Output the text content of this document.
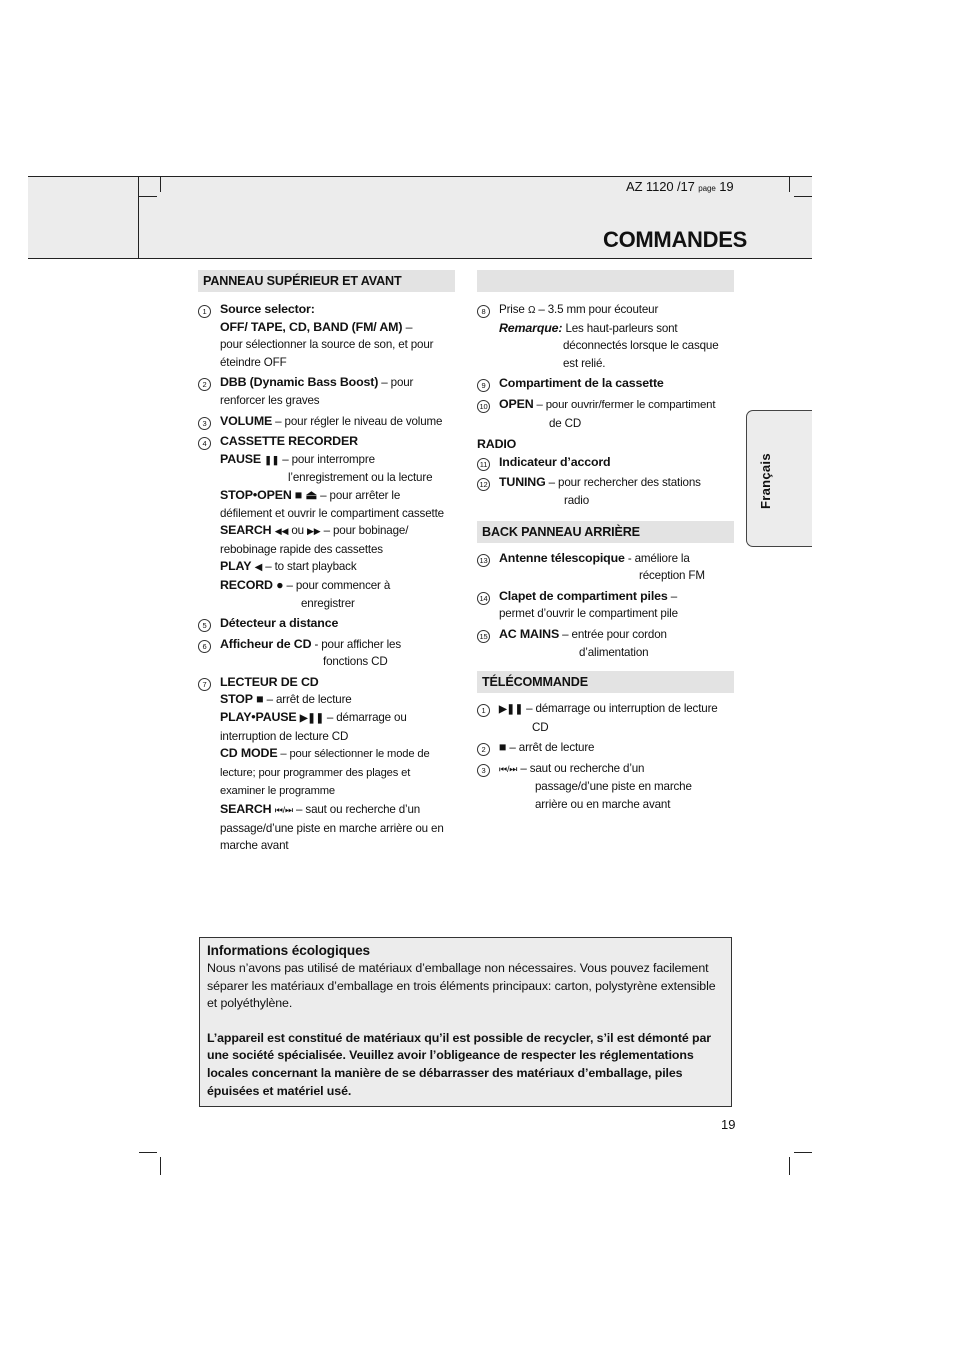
AZ 1120 /17 page 19
COMMANDES
Français
PANNEAU SUPÉRIEUR ET AVANT
1	Source selector:
OFF/ TAPE, CD, BAND (FM/ AM) –
pour sélectionner la source de son, et pour éteindre OFF
2	DBB (Dynamic Bass Boost) – pour renforcer les graves
3	VOLUME – pour régler le niveau de volume
4	CASSETTE RECORDER
PAUSE ❚❚ – pour interrompre
l’enregistrement ou la lecture
STOP•OPEN ■ ⏏ – pour arrêter le défilement et ouvrir le compartiment cassette
SEARCH ◀◀ ou ▶▶ – pour bobinage/ rebobinage rapide des cassettes
PLAY ◀ – to start playback
RECORD ● – pour commencer à
enregistrer
5	Détecteur a distance
6	Afficheur de CD - pour afficher les
fonctions CD
7	LECTEUR DE CD
STOP ■ – arrêt de lecture
PLAY•PAUSE ▶❚❚ – démarrage ou interruption de lecture CD
CD MODE – pour sélectionner le mode de lecture; pour programmer des plages et examiner le programme
SEARCH ⏮/⏭ – saut ou recherche d’un passage/d’une piste en marche arrière ou en marche avant
8	Prise Ω – 3.5 mm pour écouteur
Remarque: Les haut-parleurs sont
déconnectés lorsque le casque
est relié.
9	Compartiment de la cassette
10 OPEN – pour ouvrir/fermer le compartiment
de CD
RADIO
11 Indicateur d’accord
12 TUNING – pour rechercher des stations
radio
BACK PANNEAU ARRIÈRE
13 Antenne télescopique - améliore la
réception FM
14 Clapet de compartiment piles –
permet d’ouvrir le compartiment pile
15 AC MAINS – entrée pour cordon
d’alimentation
TÉLÉCOMMANDE
1	▶❚❚ – démarrage ou interruption de lecture
CD
2	■ – arrêt de lecture
3	⏮/⏭ – saut ou recherche d’un
passage/d’une piste en marche
arrière ou en marche avant
Informations écologiques

Nous n’avons pas utilisé de matériaux d’emballage non nécessaires. Vous pouvez facilement séparer les matériaux d’emballage en trois éléments principaux: carton, polystyrène extensible et polyéthylène.

L’appareil est constitué de matériaux qu’il est possible de recycler, s’il est démonté par une société spécialisée. Veuillez avoir l’obligeance de respecter les réglementations locales concernant la manière de se débarrasser des matériaux d’emballage, piles épuisées et matériel usé.

19
